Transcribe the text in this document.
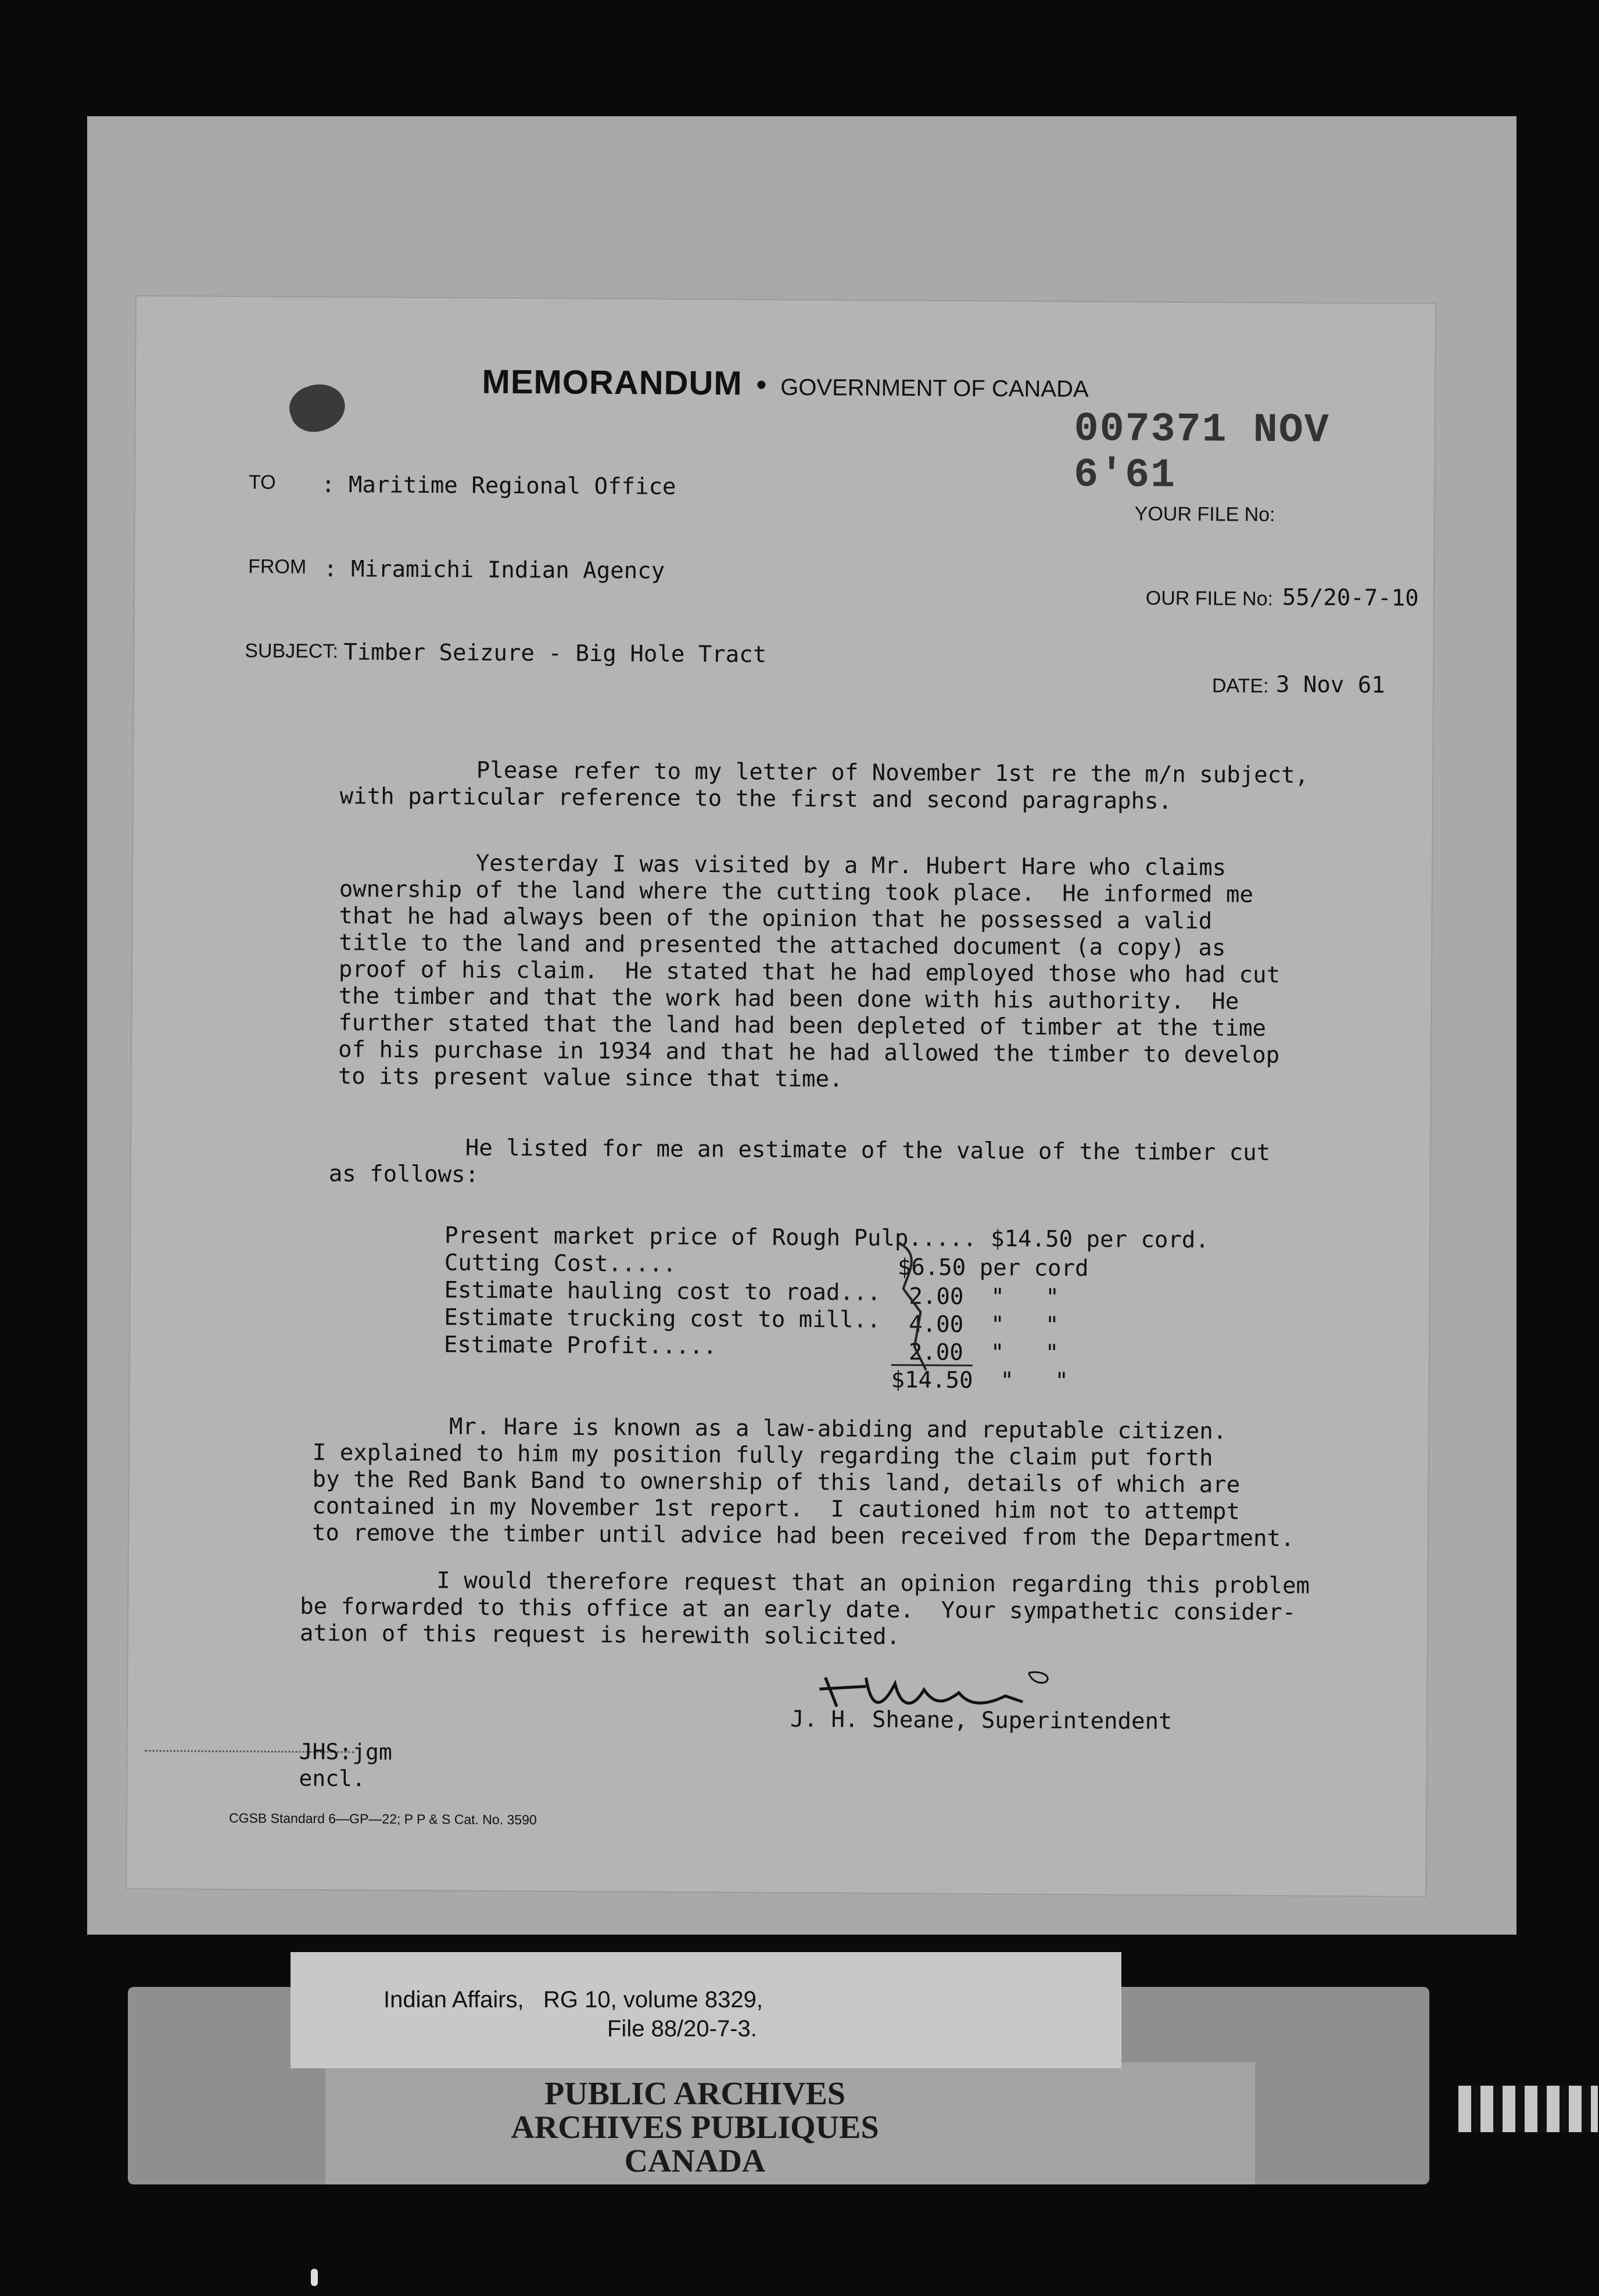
MEMORANDUM • GOVERNMENT OF CANADA
007371 NOV 6'61
TO : Maritime Regional Office
YOUR FILE No:
FROM : Miramichi Indian Agency
OUR FILE No: 55/20-7-10
SUBJECT: Timber Seizure - Big Hole Tract
DATE: 3 Nov 61

Please refer to my letter of November 1st re the m/n subject,
with particular reference to the first and second paragraphs.

Yesterday I was visited by a Mr. Hubert Hare who claims
ownership of the land where the cutting took place.  He informed me
that he had always been of the opinion that he possessed a valid
title to the land and presented the attached document (a copy) as
proof of his claim.  He stated that he had employed those who had cut
the timber and that the work had been done with his authority.  He
further stated that the land had been depleted of timber at the time
of his purchase in 1934 and that he had allowed the timber to develop
to its present value since that time.

He listed for me an estimate of the value of the timber cut
as follows:

Present market price of Rough Pulp..... $14.50 per cord.
Cutting Cost.....	$6.50 per cord
Estimate hauling cost to road... 2.00  "   "
Estimate trucking cost to mill.. 4.00  "   "
Estimate Profit.....	2.00  "   "
$14.50  "   "

Mr. Hare is known as a law-abiding and reputable citizen.
I explained to him my position fully regarding the claim put forth
by the Red Bank Band to ownership of this land, details of which are
contained in my November 1st report.  I cautioned him not to attempt
to remove the timber until advice had been received from the Department.

I would therefore request that an opinion regarding this problem
be forwarded to this office at an early date.  Your sympathetic consider-
ation of this request is herewith solicited.

J. H. Sheane, Superintendent
JHS:jgm
encl.
CGSB Standard 6—GP—22; P P & S Cat. No. 3590
Indian Affairs,   RG 10, volume 8329,
File 88/20-7-3.
PUBLIC ARCHIVES
ARCHIVES PUBLIQUES
CANADA
